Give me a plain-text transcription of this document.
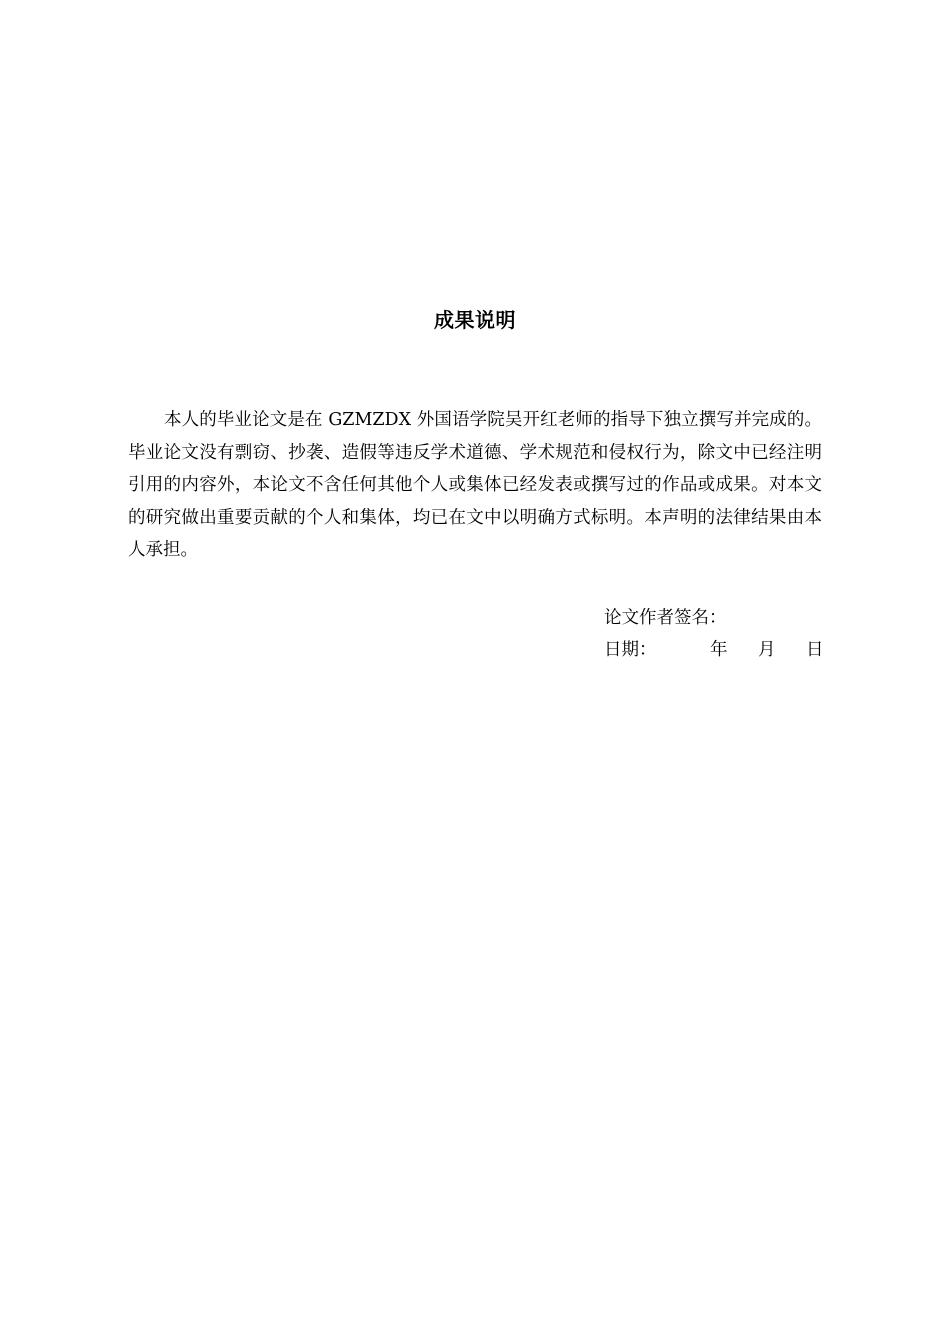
成果说明

本人的毕业论文是在 GZMZDX 外国语学院吴开红老师的指导下独立撰写并完成的。毕业论文没有剽窃、抄袭、造假等违反学术道德、学术规范和侵权行为，除文中已经注明引用的内容外，本论文不含任何其他个人或集体已经发表或撰写过的作品或成果。对本文的研究做出重要贡献的个人和集体，均已在文中以明确方式标明。本声明的法律结果由本人承担。

论文作者签名：
日期：	年 月 日
